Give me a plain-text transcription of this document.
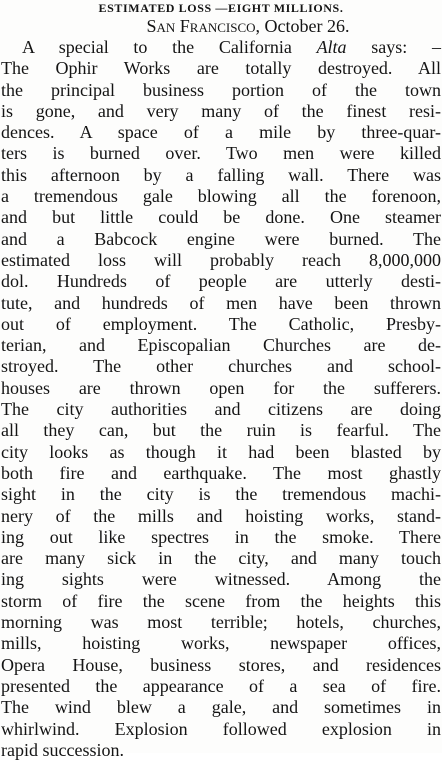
ESTIMATED LOSS —EIGHT MILLIONS.
San Francisco, October 26.
A special to the California Alta says: –
The Ophir Works are totally destroyed. All
the principal business portion of the town
is gone, and very many of the finest resi-
dences. A space of a mile by three-quar-
ters is burned over. Two men were killed
this afternoon by a falling wall. There was
a tremendous gale blowing all the forenoon,
and but little could be done. One steamer
and a Babcock engine were burned. The
estimated loss will probably reach 8,000,000
dol. Hundreds of people are utterly desti-
tute, and hundreds of men have been thrown
out of employment. The Catholic, Presby-
terian, and Episcopalian Churches are de-
stroyed. The other churches and school-
houses are thrown open for the sufferers.
The city authorities and citizens are doing
all they can, but the ruin is fearful. The
city looks as though it had been blasted by
both fire and earthquake. The most ghastly
sight in the city is the tremendous machi-
nery of the mills and hoisting works, stand-
ing out like spectres in the smoke. There
are many sick in the city, and many touch
ing sights were witnessed. Among the
storm of fire the scene from the heights this
morning was most terrible; hotels, churches,
mills, hoisting works, newspaper offices,
Opera House, business stores, and residences
presented the appearance of a sea of fire.
The wind blew a gale, and sometimes in
whirlwind. Explosion followed explosion in
rapid succession.
